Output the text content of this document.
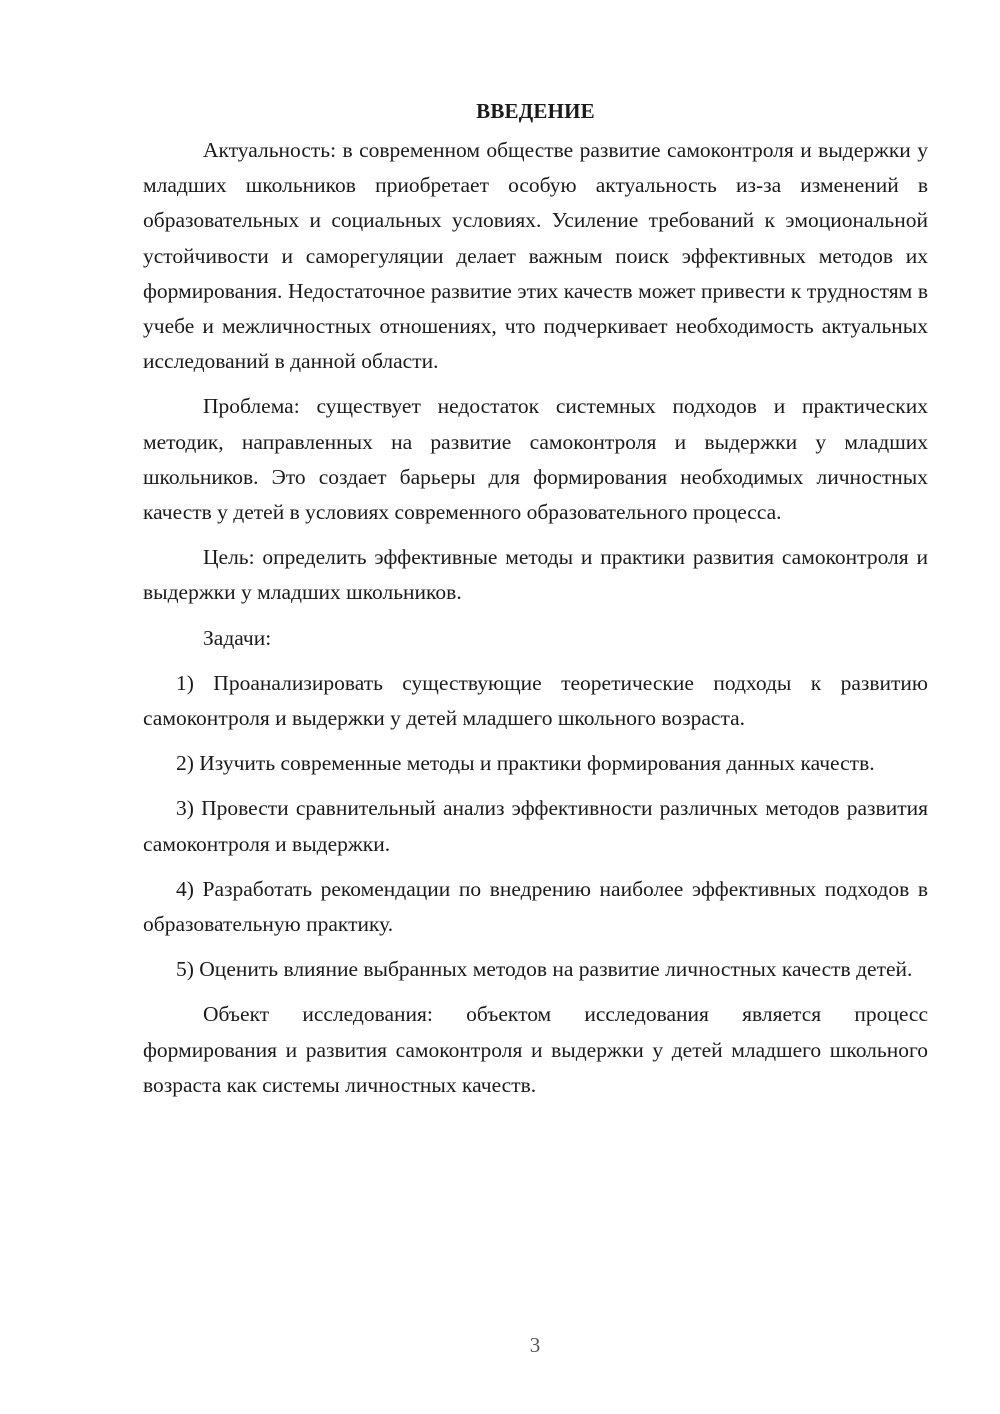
ВВЕДЕНИЕ

Актуальность: в современном обществе развитие самоконтроля и выдержки у младших школьников приобретает особую актуальность из-за изменений в образовательных и социальных условиях. Усиление требований к эмоциональной устойчивости и саморегуляции делает важным поиск эффективных методов их формирования. Недостаточное развитие этих качеств может привести к трудностям в учебе и межличностных отношениях, что подчеркивает необходимость актуальных исследований в данной области.

Проблема: существует недостаток системных подходов и практических методик, направленных на развитие самоконтроля и выдержки у младших школьников. Это создает барьеры для формирования необходимых личностных качеств у детей в условиях современного образовательного процесса.

Цель: определить эффективные методы и практики развития самоконтроля и выдержки у младших школьников.

Задачи:

1) Проанализировать существующие теоретические подходы к развитию самоконтроля и выдержки у детей младшего школьного возраста.

2) Изучить современные методы и практики формирования данных качеств.

3) Провести сравнительный анализ эффективности различных методов развития самоконтроля и выдержки.

4) Разработать рекомендации по внедрению наиболее эффективных подходов в образовательную практику.

5) Оценить влияние выбранных методов на развитие личностных качеств детей.

Объект исследования: объектом исследования является процесс формирования и развития самоконтроля и выдержки у детей младшего школьного возраста как системы личностных качеств.

3
